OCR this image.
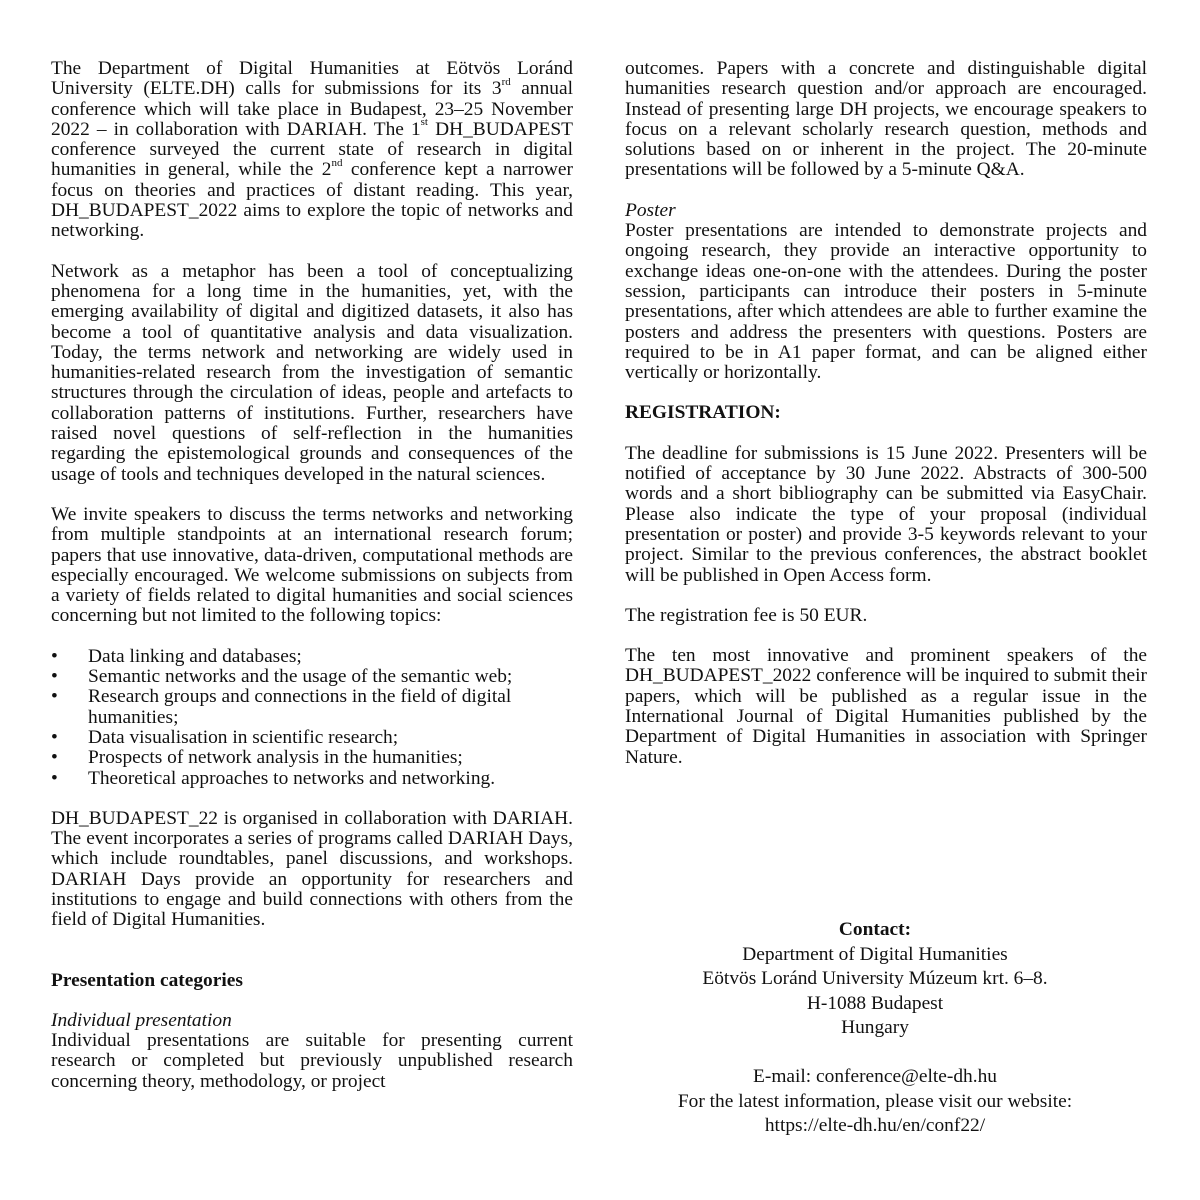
The Department of Digital Humanities at Eötvös Loránd University (ELTE.DH) calls for submissions for its 3rd annual conference which will take place in Budapest, 23–25 November 2022 – in collaboration with DARIAH. The 1st DH_BUDAPEST conference surveyed the current state of research in digital humanities in general, while the 2nd conference kept a narrower focus on theories and practices of distant reading. This year, DH_BUDAPEST_2022 aims to explore the topic of networks and networking.

Network as a metaphor has been a tool of conceptualizing phenomena for a long time in the humanities, yet, with the emerging availability of digital and digitized datasets, it also has become a tool of quantitative analysis and data visualization. Today, the terms network and networking are widely used in humanities-related research from the investigation of semantic structures through the circulation of ideas, people and artefacts to collaboration patterns of institutions. Further, researchers have raised novel questions of self-reflection in the humanities regarding the epistemological grounds and consequences of the usage of tools and techniques developed in the natural sciences.

We invite speakers to discuss the terms networks and networking from multiple standpoints at an international research forum; papers that use innovative, data-driven, computational methods are especially encouraged. We welcome submissions on subjects from a variety of fields related to digital humanities and social sciences concerning but not limited to the following topics:

• Data linking and databases;
• Semantic networks and the usage of the semantic web;
• Research groups and connections in the field of digital humanities;
• Data visualisation in scientific research;
• Prospects of network analysis in the humanities;
• Theoretical approaches to networks and networking.

DH_BUDAPEST_22 is organised in collaboration with DARIAH. The event incorporates a series of programs called DARIAH Days, which include roundtables, panel discussions, and workshops. DARIAH Days provide an opportunity for researchers and institutions to engage and build connections with others from the field of Digital Humanities.

Presentation categories

Individual presentation

Individual presentations are suitable for presenting current research or completed but previously unpublished research concerning theory, methodology, or project

outcomes. Papers with a concrete and distinguishable digital humanities research question and/or approach are encouraged. Instead of presenting large DH projects, we encourage speakers to focus on a relevant scholarly research question, methods and solutions based on or inherent in the project. The 20-minute presentations will be followed by a 5-minute Q&A.

Poster

Poster presentations are intended to demonstrate projects and ongoing research, they provide an interactive opportunity to exchange ideas one-on-one with the attendees. During the poster session, participants can introduce their posters in 5-minute presentations, after which attendees are able to further examine the posters and address the presenters with questions. Posters are required to be in A1 paper format, and can be aligned either vertically or horizontally.

REGISTRATION:

The deadline for submissions is 15 June 2022. Presenters will be notified of acceptance by 30 June 2022. Abstracts of 300-500 words and a short bibliography can be submitted via EasyChair. Please also indicate the type of your proposal (individual presentation or poster) and provide 3-5 keywords relevant to your project. Similar to the previous conferences, the abstract booklet will be published in Open Access form.

The registration fee is 50 EUR.

The ten most innovative and prominent speakers of the DH_BUDAPEST_2022 conference will be inquired to submit their papers, which will be published as a regular issue in the International Journal of Digital Humanities published by the Department of Digital Humanities in association with Springer Nature.

Contact:
Department of Digital Humanities
Eötvös Loránd University Múzeum krt. 6–8.
H-1088 Budapest
Hungary
E-mail: conference@elte-dh.hu
For the latest information, please visit our website:
https://elte-dh.hu/en/conf22/
